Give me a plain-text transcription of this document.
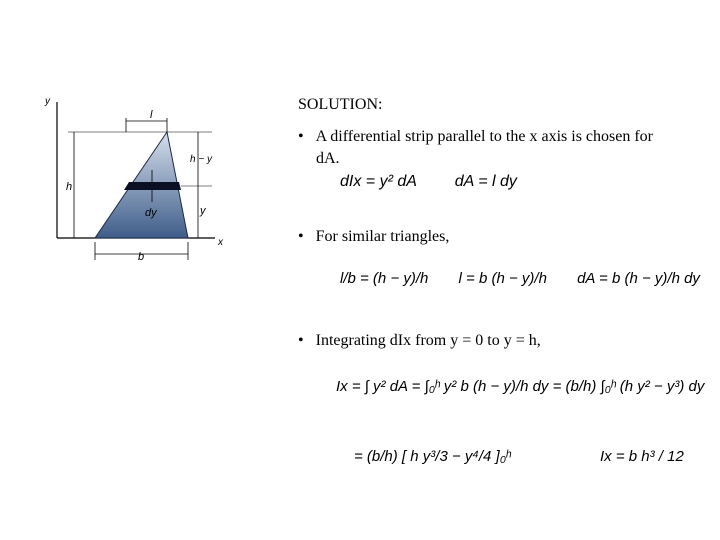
y
x
l
h
h − y
y
dy
b
SOLUTION:
• A differential strip parallel to the x axis is chosen for
dA.
dIx = y² dA dA = l dy
• For similar triangles,
l/b = (h − y)/h l = b (h − y)/h dA = b (h − y)/h dy
• Integrating dIx from y = 0 to y = h,
Ix = ∫ y² dA = ∫₀ʰ y² b (h − y)/h dy = (b/h) ∫₀ʰ (h y² − y³) dy
= (b/h) [ h y³/3 − y⁴/4 ]₀ʰ	Ix = b h³ / 12
